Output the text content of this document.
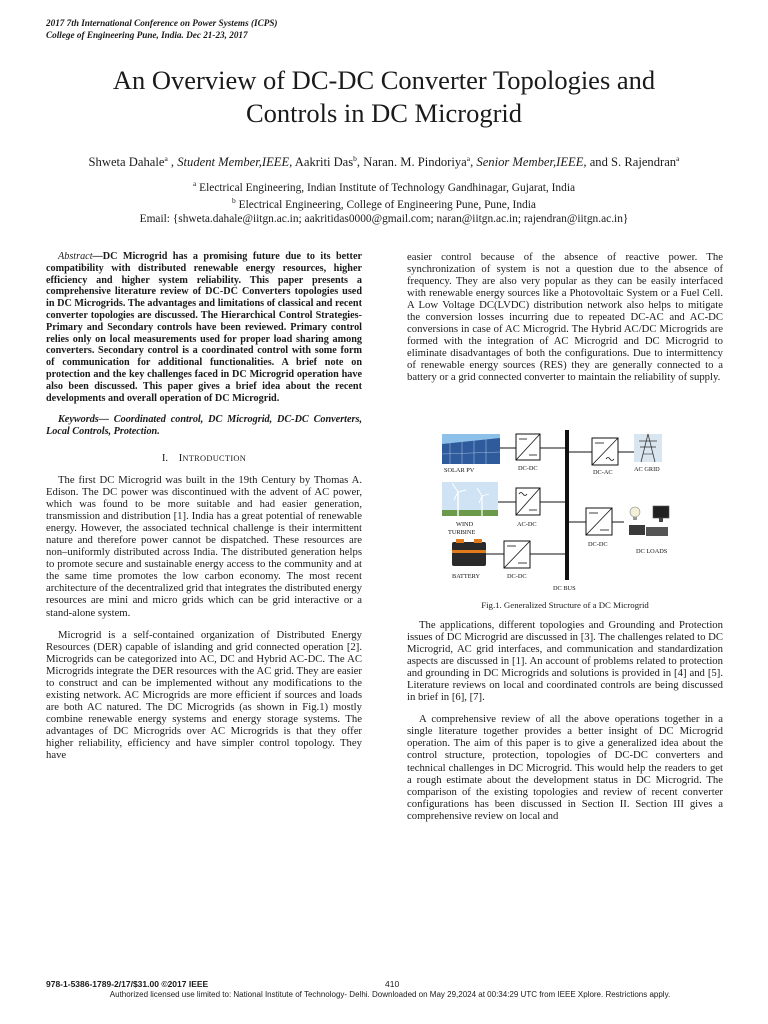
2017 7th International Conference on Power Systems (ICPS)
College of Engineering Pune, India. Dec 21-23, 2017
An Overview of DC-DC Converter Topologies and
Controls in DC Microgrid
Shweta Dahale$^a$ , Student Member,IEEE, Aakriti Das$^b$, Naran. M. Pindoriya$^a$, Senior Member,IEEE, and S. Rajendran$^a$
$^a$ Electrical Engineering, Indian Institute of Technology Gandhinagar, Gujarat, India
$^b$ Electrical Engineering, College of Engineering Pune, Pune, India
Email: {shweta.dahale@iitgn.ac.in; aakritidas0000@gmail.com; naran@iitgn.ac.in; rajendran@iitgn.ac.in}

Abstract—DC Microgrid has a promising future due to its better compatibility with distributed renewable energy resources, higher efficiency and higher system reliability. This paper presents a comprehensive literature review of DC-DC Converters topologies used in DC Microgrids. The advantages and limitations of classical and recent converter topologies are discussed. The Hierarchical Control Strategies-Primary and Secondary controls have been reviewed. Primary control relies only on local measurements used for proper load sharing among converters. Secondary control is a coordinated control with some form of communication for additional functionalities. A brief note on protection and the key challenges faced in DC Microgrid operation have also been discussed. This paper gives a brief idea about the recent developments and overall operation of DC Microgrid.

Keywords— Coordinated control, DC Microgrid, DC-DC Converters, Local Controls, Protection.

I. INTRODUCTION

The first DC Microgrid was built in the 19th Century by Thomas A. Edison. The DC power was discontinued with the advent of AC power, which was found to be more suitable and had easier generation, transmission and distribution [1]. India has a great potential of renewable energy. However, the associated technical challenge is their intermittent nature and therefore power cannot be dispatched. These resources are non–uniformly distributed across India. The distributed generation helps to promote secure and sustainable energy access to the community and at the same time promotes the low carbon economy. The most recent architecture of the decentralized grid that integrates the distributed energy resources are mini and micro grids which can be grid interactive or a stand-alone system.

Microgrid is a self-contained organization of Distributed Energy Resources (DER) capable of islanding and grid connected operation [2]. Microgrids can be categorized into AC, DC and Hybrid AC-DC. The AC Microgrids integrate the DER resources with the AC grid. They are easier to construct and can be implemented without any modifications to the existing network. AC Microgrids are more efficient if sources and loads are both AC natured. The DC Microgrids (as shown in Fig.1) mostly combine renewable energy systems and energy storage systems. The advantages of DC Microgrids over AC Microgrids is that they offer higher reliability, efficiency and have simpler control topology. They have

easier control because of the absence of reactive power. The synchronization of system is not a question due to the absence of frequency. They are also very popular as they can be easily interfaced with renewable energy sources like a Photovoltaic System or a Fuel Cell. A Low Voltage DC(LVDC) distribution network also helps to mitigate the conversion losses incurring due to repeated DC-AC and AC-DC conversions in case of AC Microgrid. The Hybrid AC/DC Microgrids are formed with the integration of AC Microgrid and DC Microgrid to eliminate disadvantages of both the configurations. Due to intermittency of renewable energy sources (RES) they are generally connected to a battery or a grid connected converter to maintain the reliability of supply.

DC BUS
SOLAR PV	DC-DC
DC-AC	AC GRID
WIND
TURBINE
AC-DC
DC-DC
DC LOADS
BATTERY	DC-DC
Fig.1. Generalized Structure of a DC Microgrid

The applications, different topologies and Grounding and Protection issues of DC Microgrid are discussed in [3]. The challenges related to DC Microgrid, AC grid interfaces, and communication and standardization aspects are discussed in [1]. An account of problems related to protection and grounding in DC Microgrids and solutions is provided in [4] and [5]. Literature reviews on local and coordinated controls are being discussed in brief in [6], [7].

A comprehensive review of all the above operations together in a single literature together provides a better insight of DC Microgrid operation. The aim of this paper is to give a generalized idea about the control structure, protection, topologies of DC-DC converters and technical challenges in DC Microgrid. This would help the readers to get a rough estimate about the development status in DC Microgrid. The comparison of the existing topologies and review of recent converter configurations has been discussed in Section II. Section III gives a comprehensive review on local and

978-1-5386-1789-2/17/$31.00 ©2017 IEEE	410
Authorized licensed use limited to: National Institute of Technology- Delhi. Downloaded on May 29,2024 at 00:34:29 UTC from IEEE Xplore. Restrictions apply.
